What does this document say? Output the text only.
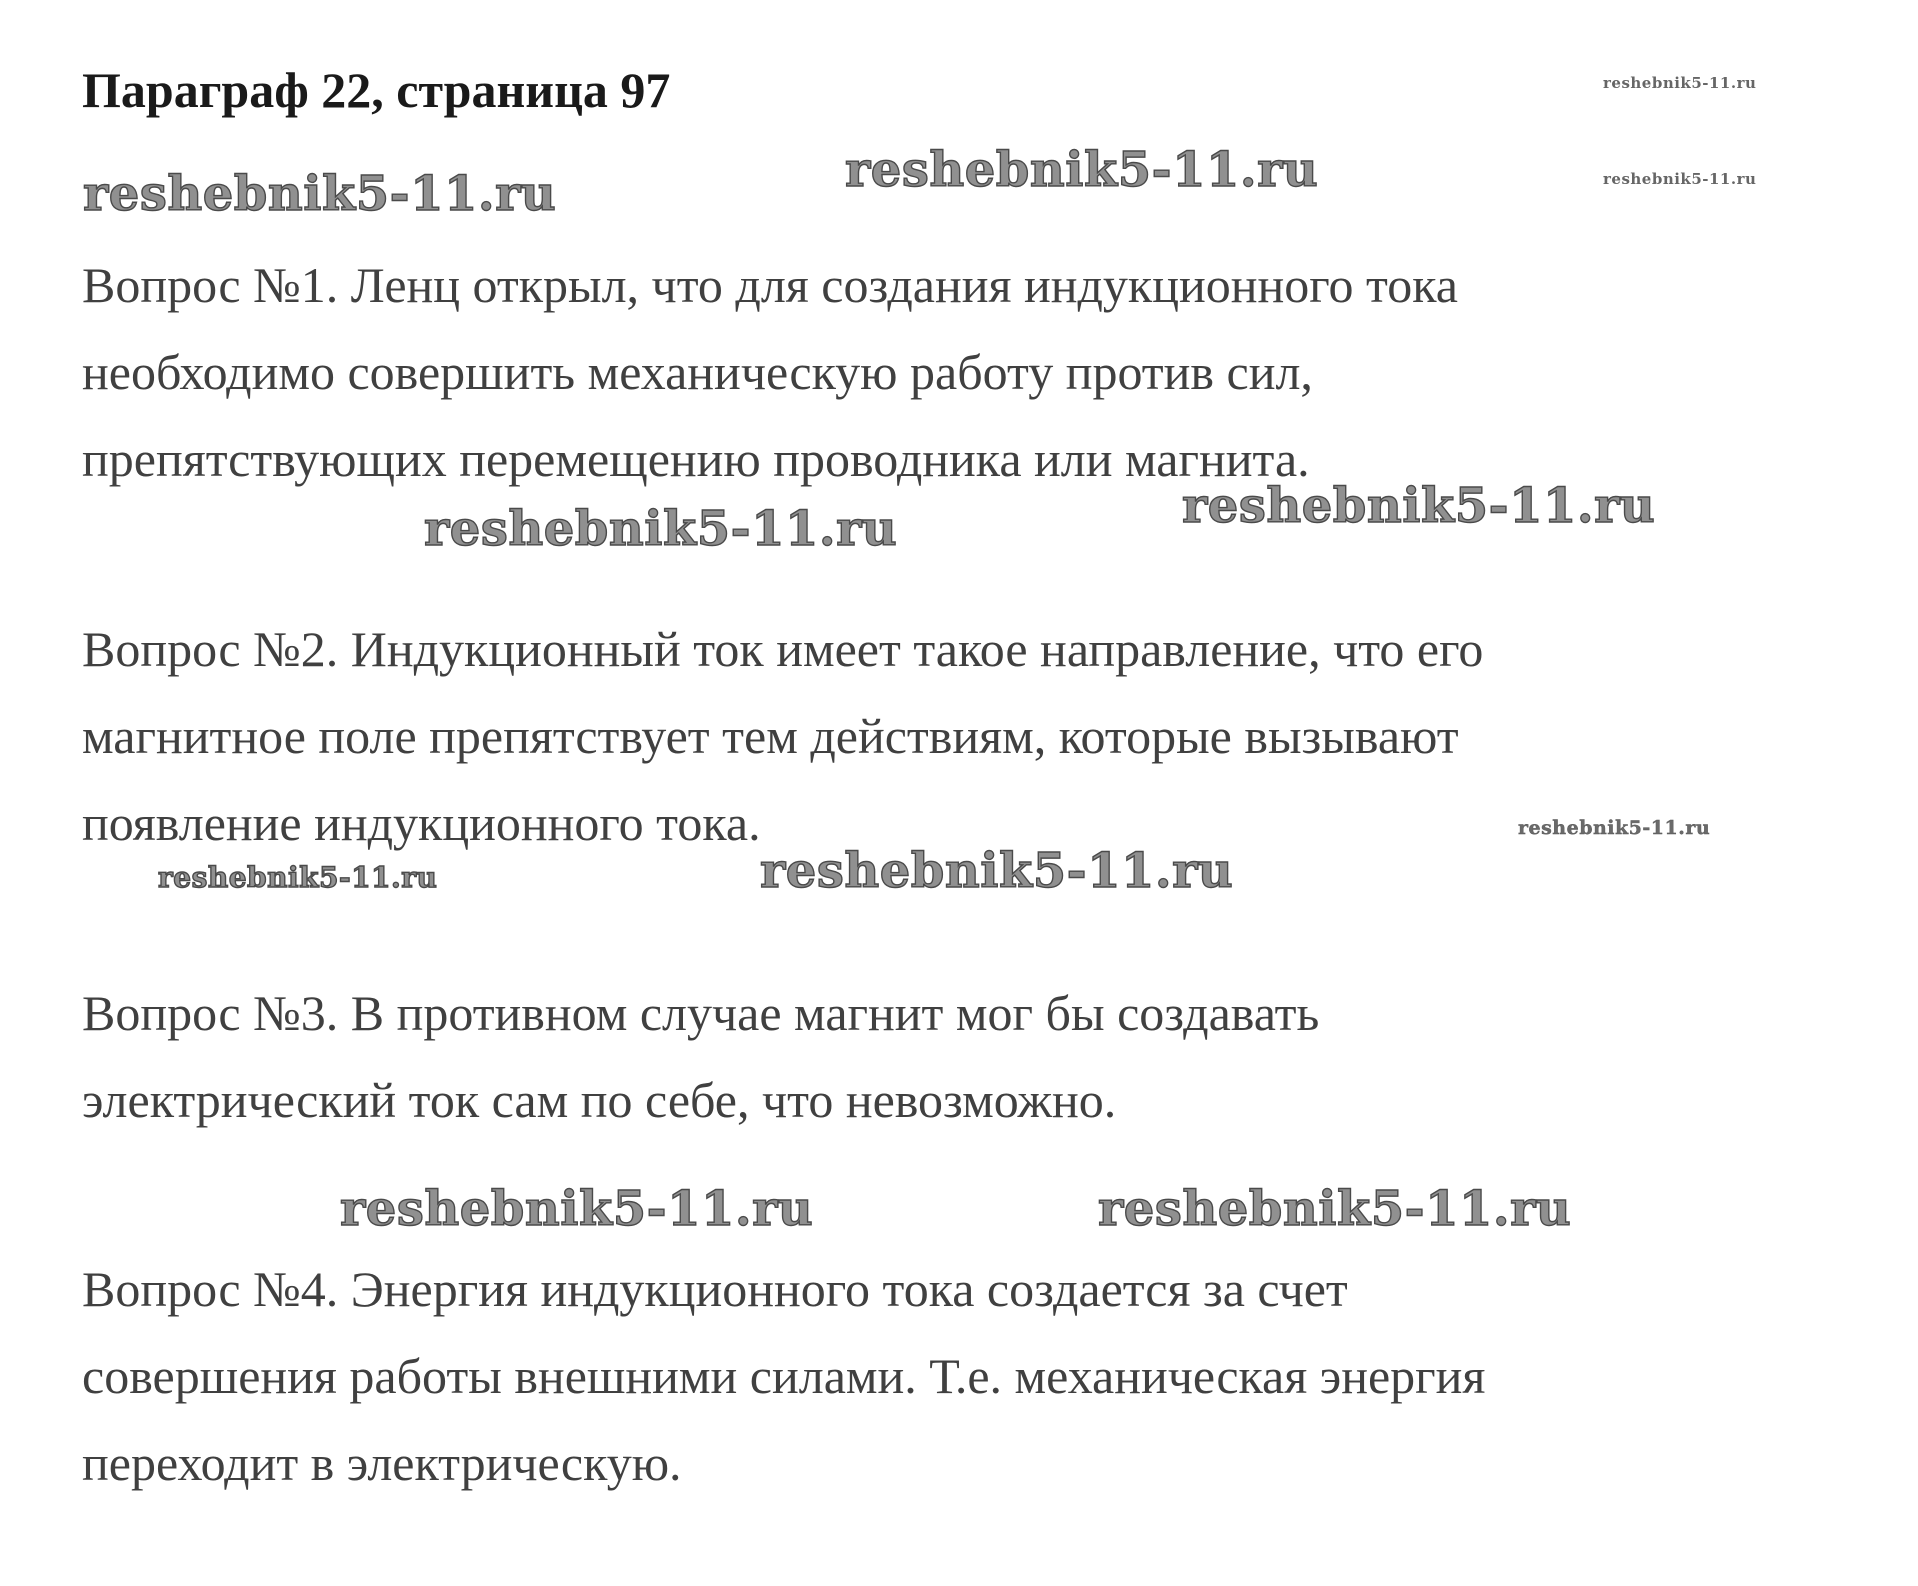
Параграф 22, страница 97	reshebnik5-11.ru
reshebnik5-11.ru	reshebnik5-11.ru	reshebnik5-11.ru
Вопрос №1. Ленц открыл, что для создания индукционного тока
необходимо совершить механическую работу против сил,
препятствующих перемещению проводника или магнита.
reshebnik5-11.ru	reshebnik5-11.ru
Вопрос №2. Индукционный ток имеет такое направление, что его
магнитное поле препятствует тем действиям, которые вызывают
появление индукционного тока.	reshebnik5-11.ru
reshebnik5-11.ru	reshebnik5-11.ru
Вопрос №3. В противном случае магнит мог бы создавать
электрический ток сам по себе, что невозможно.
reshebnik5-11.ru	reshebnik5-11.ru
Вопрос №4. Энергия индукционного тока создается за счет
совершения работы внешними силами. Т.е. механическая энергия
переходит в электрическую.
